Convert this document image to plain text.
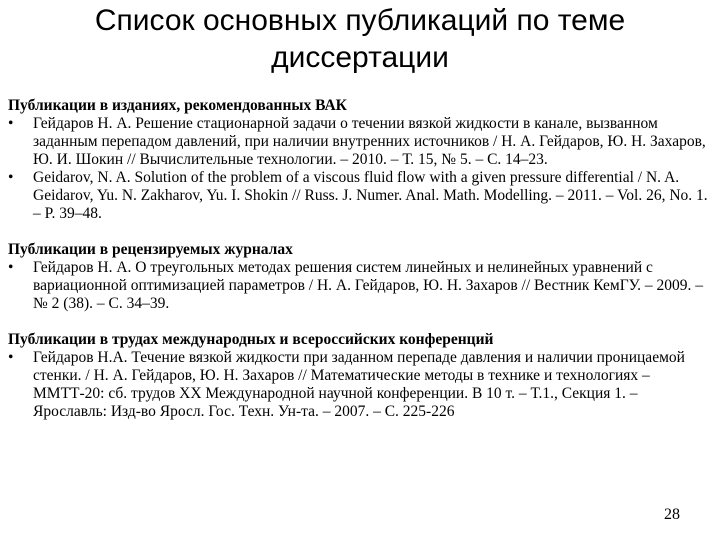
Список основных публикаций по теме диссертации
Публикации в изданиях, рекомендованных ВАК
• Гейдаров Н. А. Решение стационарной задачи о течении вязкой жидкости в канале, вызванном заданным перепадом давлений, при наличии внутренних источников / Н. А. Гейдаров, Ю. Н. Захаров, Ю. И. Шокин // Вычислительные технологии. – 2010. – Т. 15, № 5. – С. 14–23.
• Geidarov, N. A. Solution of the problem of a viscous fluid flow with a given pressure differential / N. A. Geidarov, Yu. N. Zakharov, Yu. I. Shokin // Russ. J. Numer. Anal. Math. Modelling. – 2011. – Vol. 26, No. 1. – P. 39–48.
Публикации в рецензируемых журналах
• Гейдаров Н. А. О треугольных методах решения систем линейных и нелинейных уравнений с вариационной оптимизацией параметров / Н. А. Гейдаров, Ю. Н. Захаров // Вестник КемГУ. – 2009. – № 2 (38). – С. 34–39.
Публикации в трудах международных и всероссийских конференций
• Гейдаров Н.А. Течение вязкой жидкости при заданном перепаде давления и наличии проницаемой стенки. / Н. А. Гейдаров, Ю. Н. Захаров // Математические методы в технике и технологиях – ММТТ-20: сб. трудов XX Международной научной конференции. В 10 т. – Т.1., Секция 1. – Ярославль: Изд-во Яросл. Гос. Техн. Ун-та. – 2007. – С. 225-226
28
